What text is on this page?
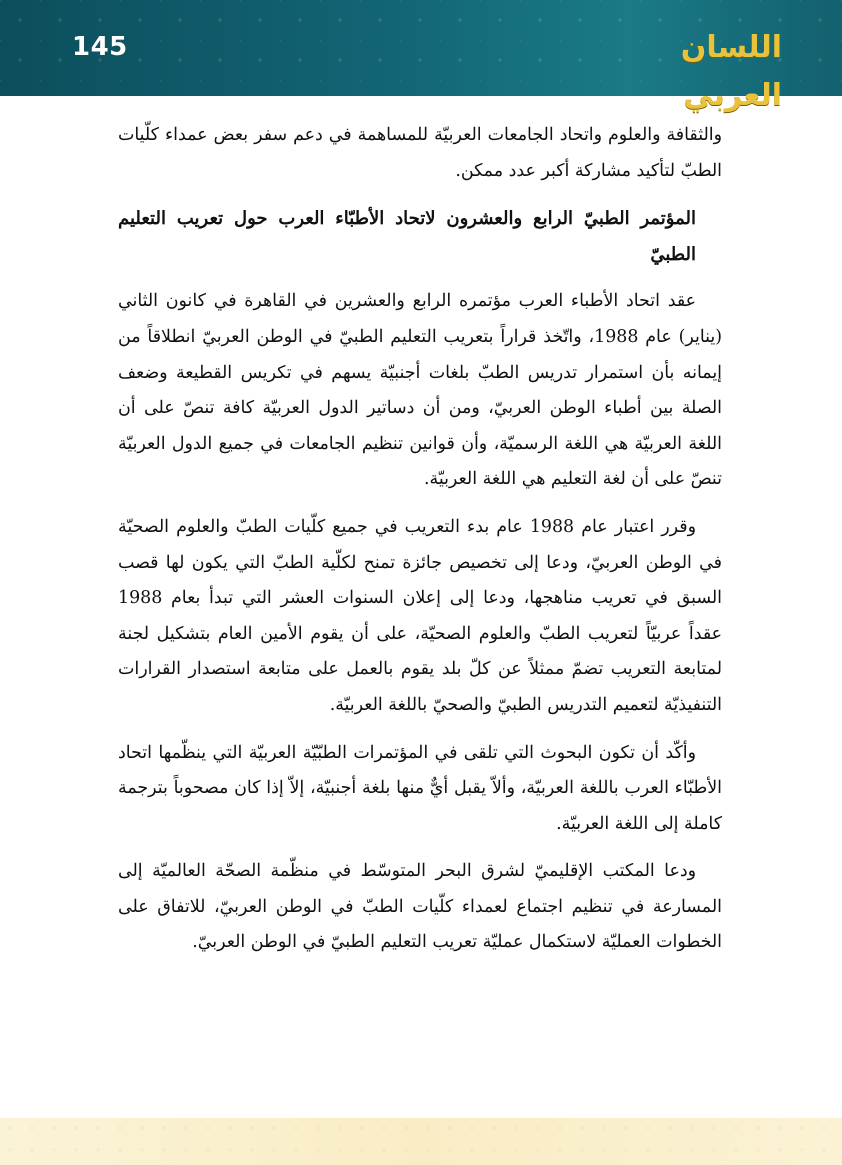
145	اللسان العربي

والثقافة والعلوم واتحاد الجامعات العربيّة للمساهمة في دعم سفر بعض عمداء كلّيات الطبّ لتأكيد مشاركة أكبر عدد ممكن.

المؤتمر الطبيّ الرابع والعشرون لاتحاد الأطبّاء العرب حول تعريب التعليم الطبيّ

عقد اتحاد الأطباء العرب مؤتمره الرابع والعشرين في القاهرة في كانون الثاني (يناير) عام 1988، واتّخذ قراراً بتعريب التعليم الطبيّ في الوطن العربيّ انطلاقاً من إيمانه بأن استمرار تدريس الطبّ بلغات أجنبيّة يسهم في تكريس القطيعة وضعف الصلة بين أطباء الوطن العربيّ، ومن أن دساتير الدول العربيّة كافة تنصّ على أن اللغة العربيّة هي اللغة الرسميّة، وأن قوانين تنظيم الجامعات في جميع الدول العربيّة تنصّ على أن لغة التعليم هي اللغة العربيّة.

وقرر اعتبار عام 1988 عام بدء التعريب في جميع كلّيات الطبّ والعلوم الصحيّة في الوطن العربيّ، ودعا إلى تخصيص جائزة تمنح لكلّية الطبّ التي يكون لها قصب السبق في تعريب مناهجها، ودعا إلى إعلان السنوات العشر التي تبدأ بعام 1988 عقداً عربيّاً لتعريب الطبّ والعلوم الصحيّة، على أن يقوم الأمين العام بتشكيل لجنة لمتابعة التعريب تضمّ ممثلاً عن كلّ بلد يقوم بالعمل على متابعة استصدار القرارات التنفيذيّة لتعميم التدريس الطبيّ والصحيّ باللغة العربيّة.

وأكّد أن تكون البحوث التي تلقى في المؤتمرات الطبّيّة العربيّة التي ينظّمها اتحاد الأطبّاء العرب باللغة العربيّة، وألاّ يقبل أيٌّ منها بلغة أجنبيّة، إلاّ إذا كان مصحوباً بترجمة كاملة إلى اللغة العربيّة.

ودعا المكتب الإقليميّ لشرق البحر المتوسّط في منظّمة الصحّة العالميّة إلى المسارعة في تنظيم اجتماع لعمداء كلّيات الطبّ في الوطن العربيّ، للاتفاق على الخطوات العمليّة لاستكمال عمليّة تعريب التعليم الطبيّ في الوطن العربيّ.
